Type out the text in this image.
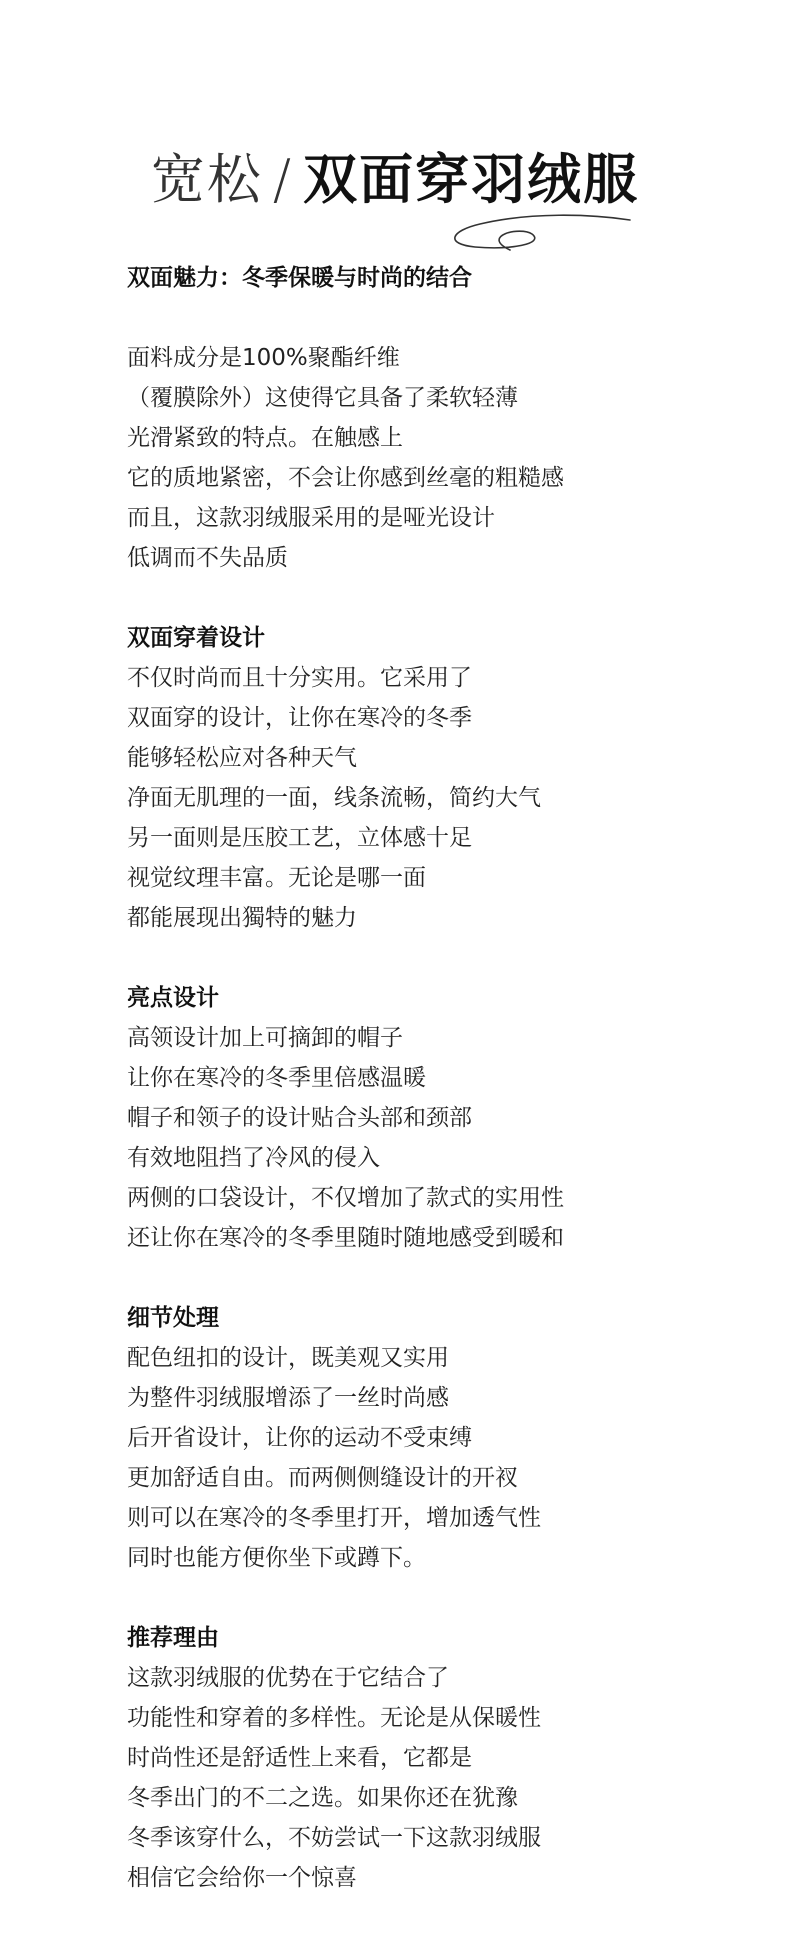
宽松 / 双面穿羽绒服

双面魅力：冬季保暖与时尚的结合

面料成分是100%聚酯纤维

（覆膜除外）这使得它具备了柔软轻薄

光滑紧致的特点。在触感上

它的质地紧密，不会让你感到丝毫的粗糙感

而且，这款羽绒服采用的是哑光设计

低调而不失品质

双面穿着设计

不仅时尚而且十分实用。它采用了

双面穿的设计，让你在寒冷的冬季

能够轻松应对各种天气

净面无肌理的一面，线条流畅，简约大气

另一面则是压胶工艺，立体感十足

视觉纹理丰富。无论是哪一面

都能展现出獨特的魅力

亮点设计

高领设计加上可摘卸的帽子

让你在寒冷的冬季里倍感温暖

帽子和领子的设计贴合头部和颈部

有效地阻挡了冷风的侵入

两侧的口袋设计，不仅增加了款式的实用性

还让你在寒冷的冬季里随时随地感受到暖和

细节处理

配色纽扣的设计，既美观又实用

为整件羽绒服增添了一丝时尚感

后开省设计，让你的运动不受束缚

更加舒适自由。而两侧侧缝设计的开衩

则可以在寒冷的冬季里打开，增加透气性

同时也能方便你坐下或蹲下。

推荐理由

这款羽绒服的优势在于它结合了

功能性和穿着的多样性。无论是从保暖性

时尚性还是舒适性上来看，它都是

冬季出门的不二之选。如果你还在犹豫

冬季该穿什么，不妨尝试一下这款羽绒服

相信它会给你一个惊喜
